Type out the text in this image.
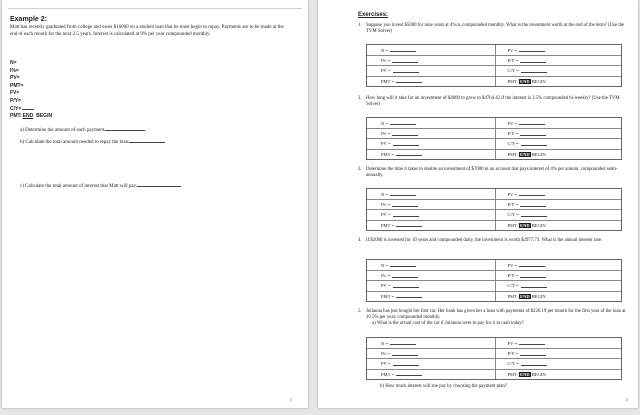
Example 2:
Matt has recently graduated from college and owes $16000 on a student loan that he must begin to repay. Payments are to be made at the end of each month for the next 2.5 years. Interest is calculated at 9% per year compounded monthly.
N=
I%=
PV=
PMT=
FV=
P/Y=
C/Y=
PMT: END BEGIN
a) Determine the amount of each payment.
b) Calculate the total amount needed to repay the loan.
c) Calculate the total amount of interest that Matt will pay.
3
Exercises:
1. Suppose you invest $5000 for nine years at 4%/a, compounded monthly. What is the investment worth at the end of the term? (Use the TVM Solver)
N =	FV =
I% =	P/Y =
PV =	C/Y =
PMT =	PMT: END BEGIN
2. How long will it take for an investment of $4000 to grow to $4764.42 if the interest is 3.5% compounded bi-weekly? (Use the TVM Solver)
N =	FV =
I% =	P/Y =
PV =	C/Y =
PMT =	PMT: END BEGIN
3. Determine the time it takes to double an investment of $7000 in an account that pays interest of 4% per annum, compounded semi-annually.
N =	FV =
I% =	P/Y =
PV =	C/Y =
PMT =	PMT: END BEGIN
4. If $2000 is invested for 10 years and compounded daily, the investment is worth $2977.73. What is the annual interest rate.
N =	FV =
I% =	P/Y =
PV =	C/Y =
PMT =	PMT: END BEGIN
5. Julianna has just bought her first car. Her bank has given her a loan with payments of $226.19 per month for the first year of the loan at 10.5% per year, compounded monthly.
a) What is the actual cost of the car if Julianna were to pay for it in cash today?
N =	FV =
I% =	P/Y =
PV =	C/Y =
PMT =	PMT: END BEGIN
b) How much interest will she pay by choosing the payment plan?
4
